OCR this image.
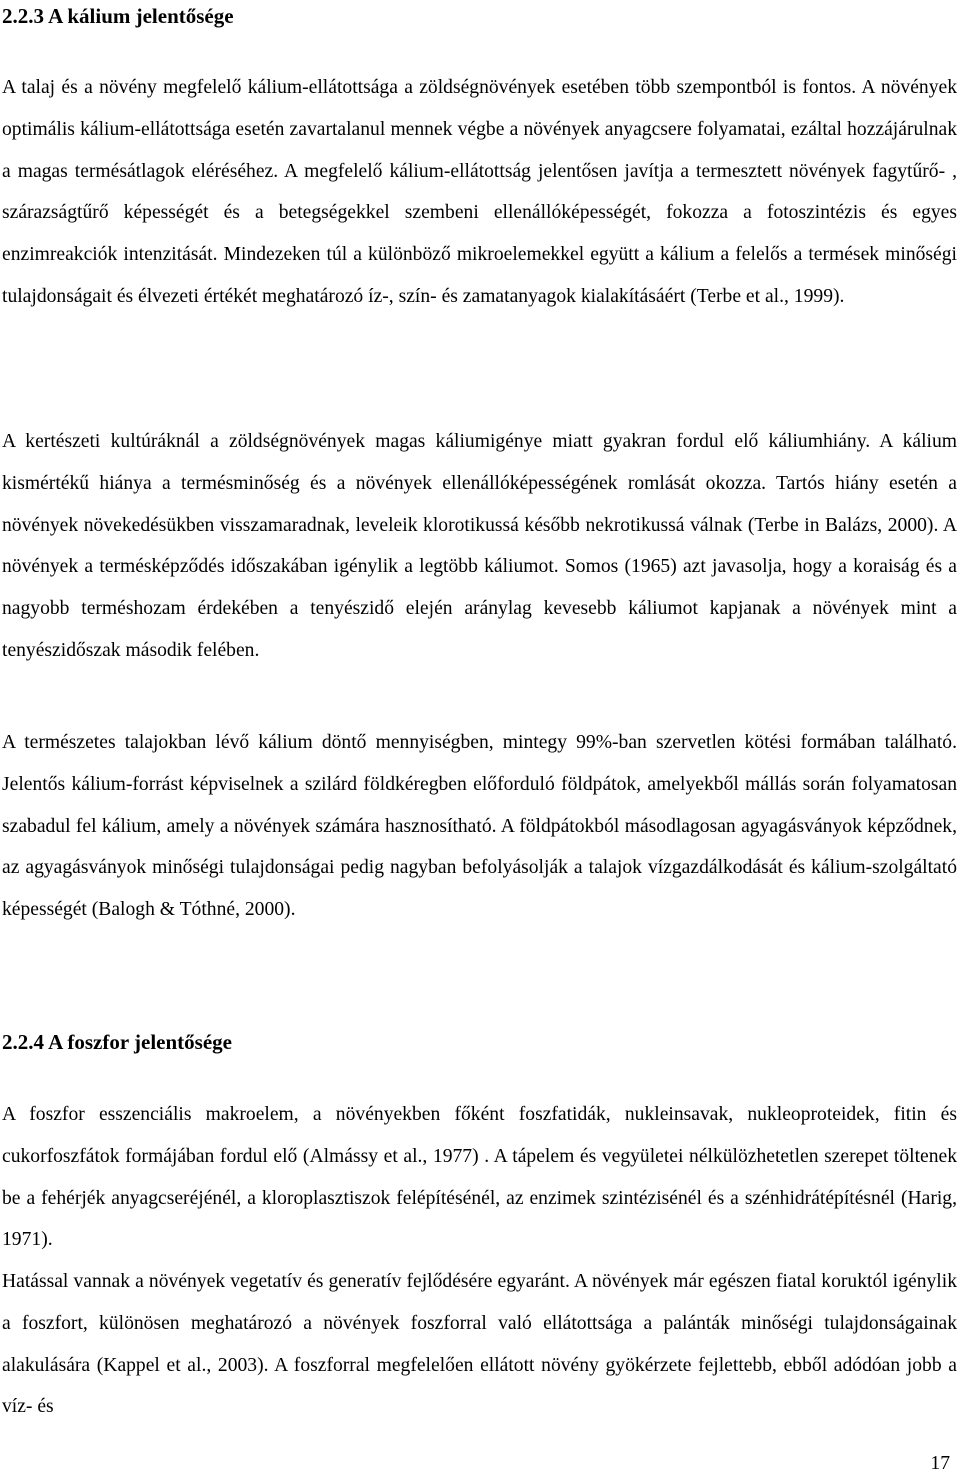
2.2.3 A kálium jelentősége

A talaj és a növény megfelelő kálium-ellátottsága a zöldségnövények esetében több szempontból is fontos. A növények optimális kálium-ellátottsága esetén zavartalanul mennek végbe a növények anyagcsere folyamatai, ezáltal hozzájárulnak a magas termésátlagok eléréséhez. A megfelelő kálium-ellátottság jelentősen javítja a termesztett növények fagytűrő- , szárazságtűrő képességét és a betegségekkel szembeni ellenállóképességét, fokozza a fotoszintézis és egyes enzimreakciók intenzitását. Mindezeken túl a különböző mikroelemekkel együtt a kálium a felelős a termések minőségi tulajdonságait és élvezeti értékét meghatározó íz-, szín- és zamatanyagok kialakításáért (Terbe et al., 1999).

A kertészeti kultúráknál a zöldségnövények magas káliumigénye miatt gyakran fordul elő káliumhiány. A kálium kismértékű hiánya a termésminőség és a növények ellenállóképességének romlását okozza. Tartós hiány esetén a növények növekedésükben visszamaradnak, leveleik klorotikussá később nekrotikussá válnak (Terbe in Balázs, 2000). A növények a termésképződés időszakában igénylik a legtöbb káliumot. Somos (1965) azt javasolja, hogy a koraiság és a nagyobb terméshozam érdekében a tenyészidő elején aránylag kevesebb káliumot kapjanak a növények mint a tenyészidőszak második felében.

A természetes talajokban lévő kálium döntő mennyiségben, mintegy 99%-ban szervetlen kötési formában található. Jelentős kálium-forrást képviselnek a szilárd földkéregben előforduló földpátok, amelyekből mállás során folyamatosan szabadul fel kálium, amely a növények számára hasznosítható. A földpátokból másodlagosan agyagásványok képződnek, az agyagásványok minőségi tulajdonságai pedig nagyban befolyásolják a talajok vízgazdálkodását és kálium-szolgáltató képességét (Balogh & Tóthné, 2000).

2.2.4 A foszfor jelentősége

A foszfor esszenciális makroelem, a növényekben főként foszfatidák, nukleinsavak, nukleoproteidek, fitin és cukorfoszfátok formájában fordul elő (Almássy et al., 1977) . A tápelem és vegyületei nélkülözhetetlen szerepet töltenek be a fehérjék anyagcseréjénél, a kloroplasztiszok felépítésénél, az enzimek szintézisénél és a szénhidrátépítésnél (Harig, 1971).

Hatással vannak a növények vegetatív és generatív fejlődésére egyaránt. A növények már egészen fiatal koruktól igénylik a foszfort, különösen meghatározó a növények foszforral való ellátottsága a palánták minőségi tulajdonságainak alakulására (Kappel et al., 2003). A foszforral megfelelően ellátott növény gyökérzete fejlettebb, ebből adódóan jobb a víz- és

17
